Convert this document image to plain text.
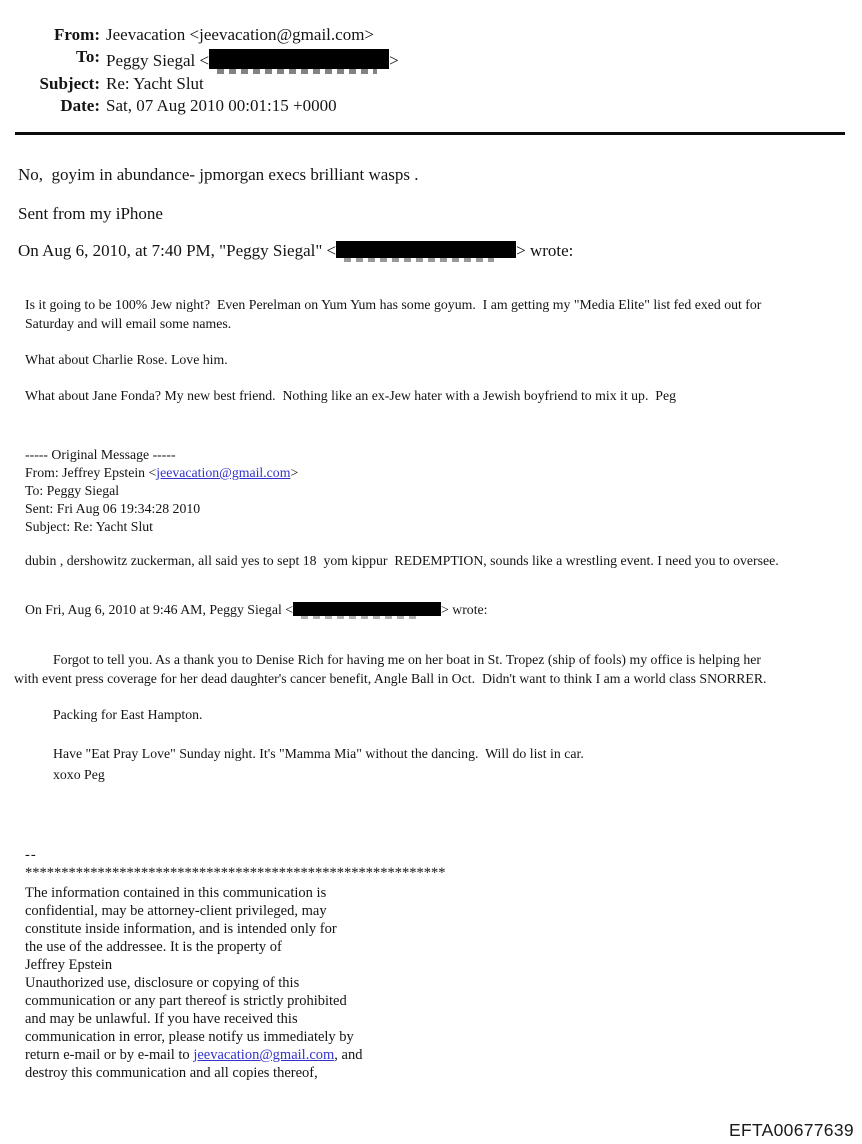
From: Jeevacation <jeevacation@gmail.com>
To: Peggy Siegal <	>
Subject: Re: Yacht Slut
Date: Sat, 07 Aug 2010 00:01:15 +0000
No,  goyim in abundance- jpmorgan execs brilliant wasps .
Sent from my iPhone
On Aug 6, 2010, at 7:40 PM, "Peggy Siegal" <	> wrote:
Is it going to be 100% Jew night?  Even Perelman on Yum Yum has some goyum.  I am getting my "Media Elite" list fed exed out for
Saturday and will email some names.
What about Charlie Rose. Love him.
What about Jane Fonda? My new best friend.  Nothing like an ex-Jew hater with a Jewish boyfriend to mix it up.  Peg
----- Original Message -----
From: Jeffrey Epstein <jeevacation@gmail.com>
To: Peggy Siegal
Sent: Fri Aug 06 19:34:28 2010
Subject: Re: Yacht Slut
dubin , dershowitz zuckerman, all said yes to sept 18  yom kippur  REDEMPTION, sounds like a wrestling event. I need you to oversee.
On Fri, Aug 6, 2010 at 9:46 AM, Peggy Siegal <	> wrote:
Forgot to tell you. As a thank you to Denise Rich for having me on her boat in St. Tropez (ship of fools) my office is helping her
with event press coverage for her dead daughter's cancer benefit, Angle Ball in Oct.  Didn't want to think I am a world class SNORRER.
Packing for East Hampton.
Have "Eat Pray Love" Sunday night. It's "Mamma Mia" without the dancing.  Will do list in car.
xoxo Peg
--
**********************************************************
The information contained in this communication is
confidential, may be attorney-client privileged, may
constitute inside information, and is intended only for
the use of the addressee. It is the property of
Jeffrey Epstein
Unauthorized use, disclosure or copying of this
communication or any part thereof is strictly prohibited
and may be unlawful. If you have received this
communication in error, please notify us immediately by
return e-mail or by e-mail to jeevacation@gmail.com, and
destroy this communication and all copies thereof,
EFTA00677639
